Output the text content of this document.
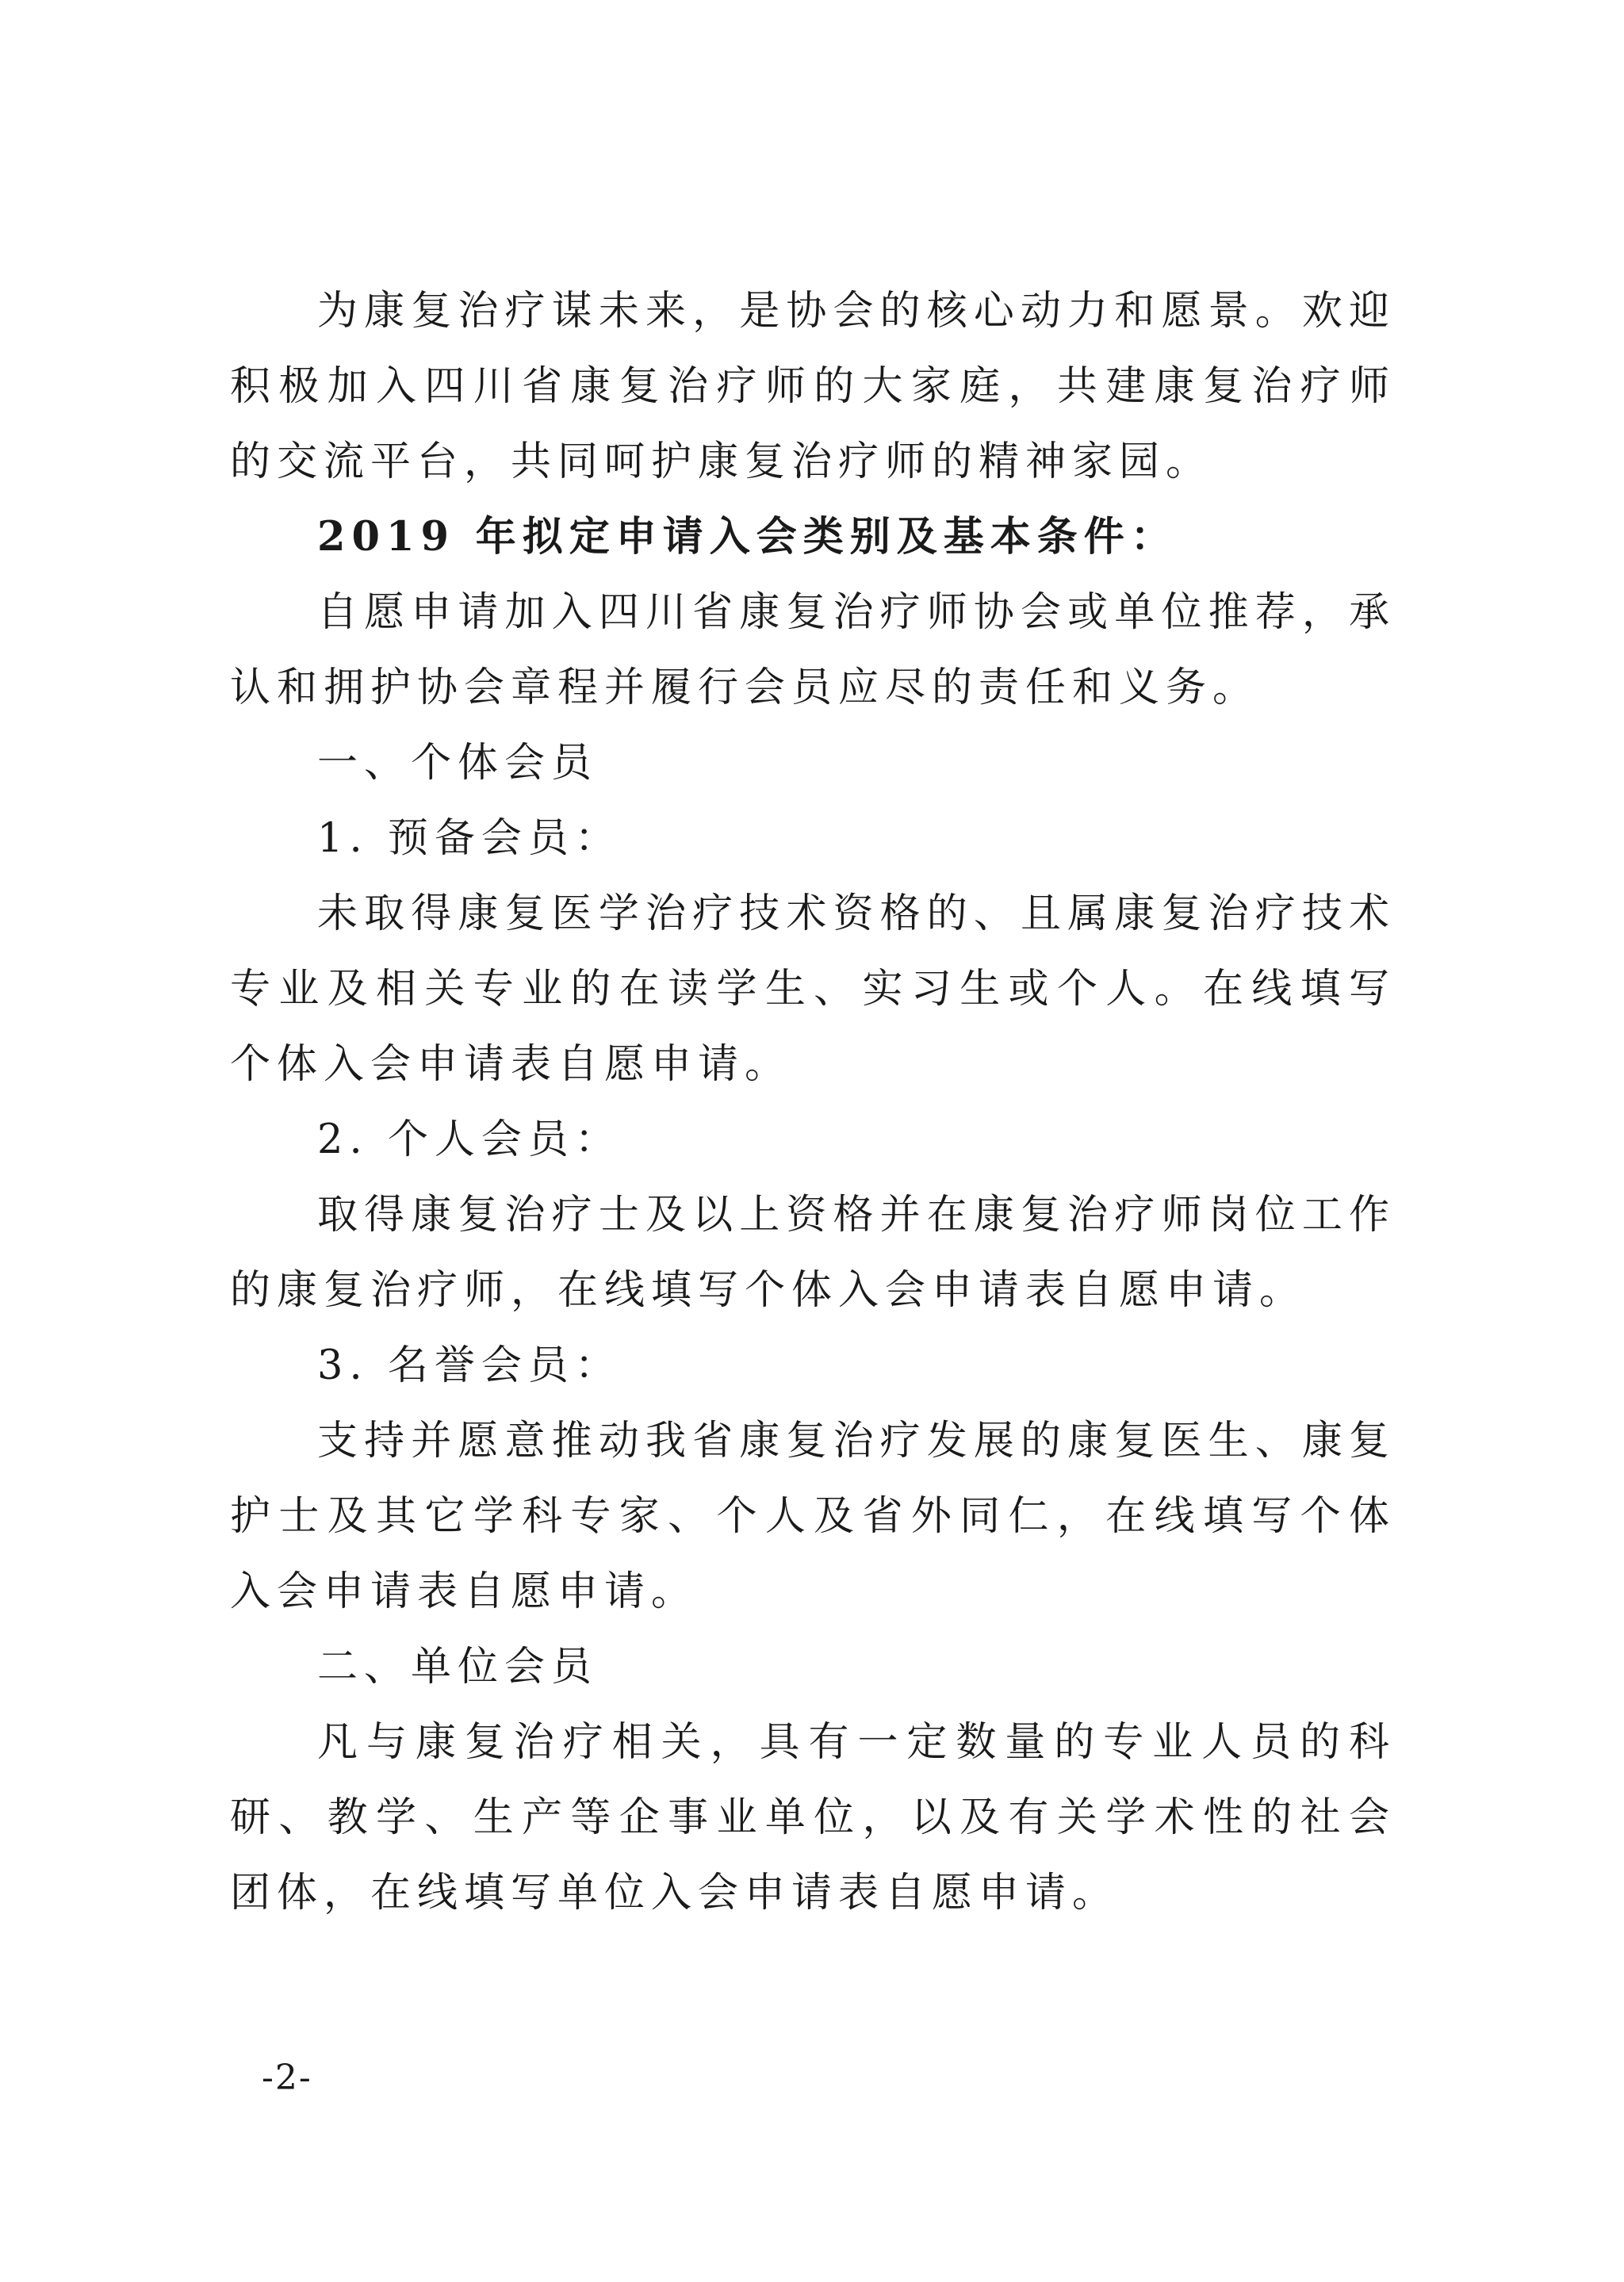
为康复治疗谋未来，是协会的核心动力和愿景。欢迎积极加入四川省康复治疗师的大家庭，共建康复治疗师的交流平台，共同呵护康复治疗师的精神家园。

2019 年拟定申请入会类别及基本条件：

自愿申请加入四川省康复治疗师协会或单位推荐，承认和拥护协会章程并履行会员应尽的责任和义务。

一、个体会员

1. 预备会员：

未取得康复医学治疗技术资格的、且属康复治疗技术专业及相关专业的在读学生、实习生或个人。在线填写个体入会申请表自愿申请。

2. 个人会员：

取得康复治疗士及以上资格并在康复治疗师岗位工作的康复治疗师，在线填写个体入会申请表自愿申请。

3. 名誉会员：

支持并愿意推动我省康复治疗发展的康复医生、康复护士及其它学科专家、个人及省外同仁，在线填写个体入会申请表自愿申请。

二、单位会员

凡与康复治疗相关，具有一定数量的专业人员的科研、教学、生产等企事业单位，以及有关学术性的社会团体，在线填写单位入会申请表自愿申请。

-2-
